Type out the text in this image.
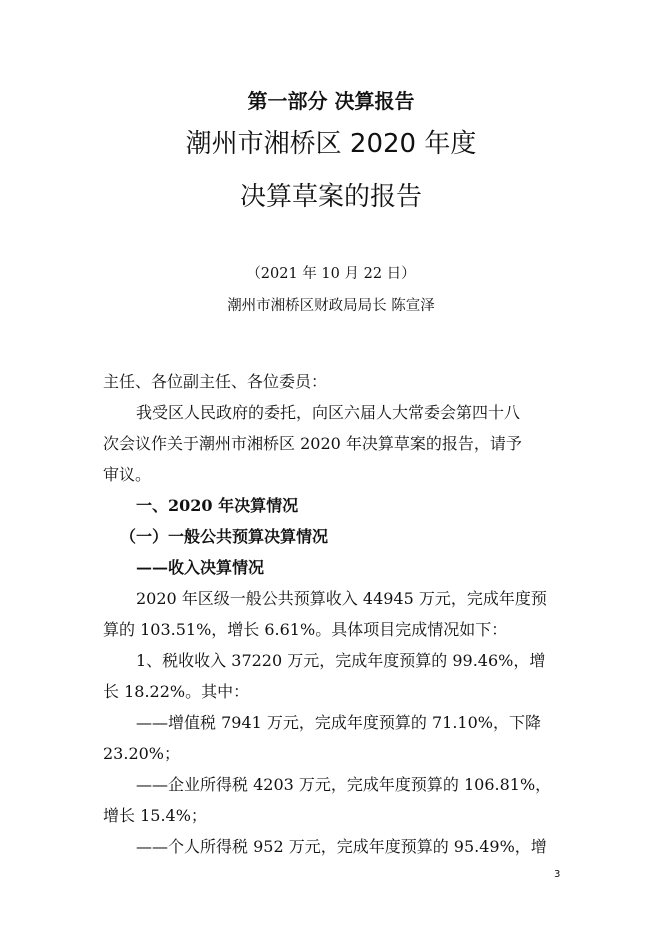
第一部分 决算报告
潮州市湘桥区 2020 年度
决算草案的报告
（2021 年 10 月 22 日）
潮州市湘桥区财政局局长 陈宣泽
主任、各位副主任、各位委员：
我受区人民政府的委托，向区六届人大常委会第四十八
次会议作关于潮州市湘桥区 2020 年决算草案的报告，请予
审议。
一、2020 年决算情况
（一）一般公共预算决算情况
——收入决算情况
2020 年区级一般公共预算收入 44945 万元，完成年度预
算的 103.51%，增长 6.61%。具体项目完成情况如下：
1、税收收入 37220 万元，完成年度预算的 99.46%，增
长 18.22%。其中：
——增值税 7941 万元，完成年度预算的 71.10%，下降
23.20%；
——企业所得税 4203 万元，完成年度预算的 106.81%，
增长 15.4%；
——个人所得税 952 万元，完成年度预算的 95.49%，增
3
